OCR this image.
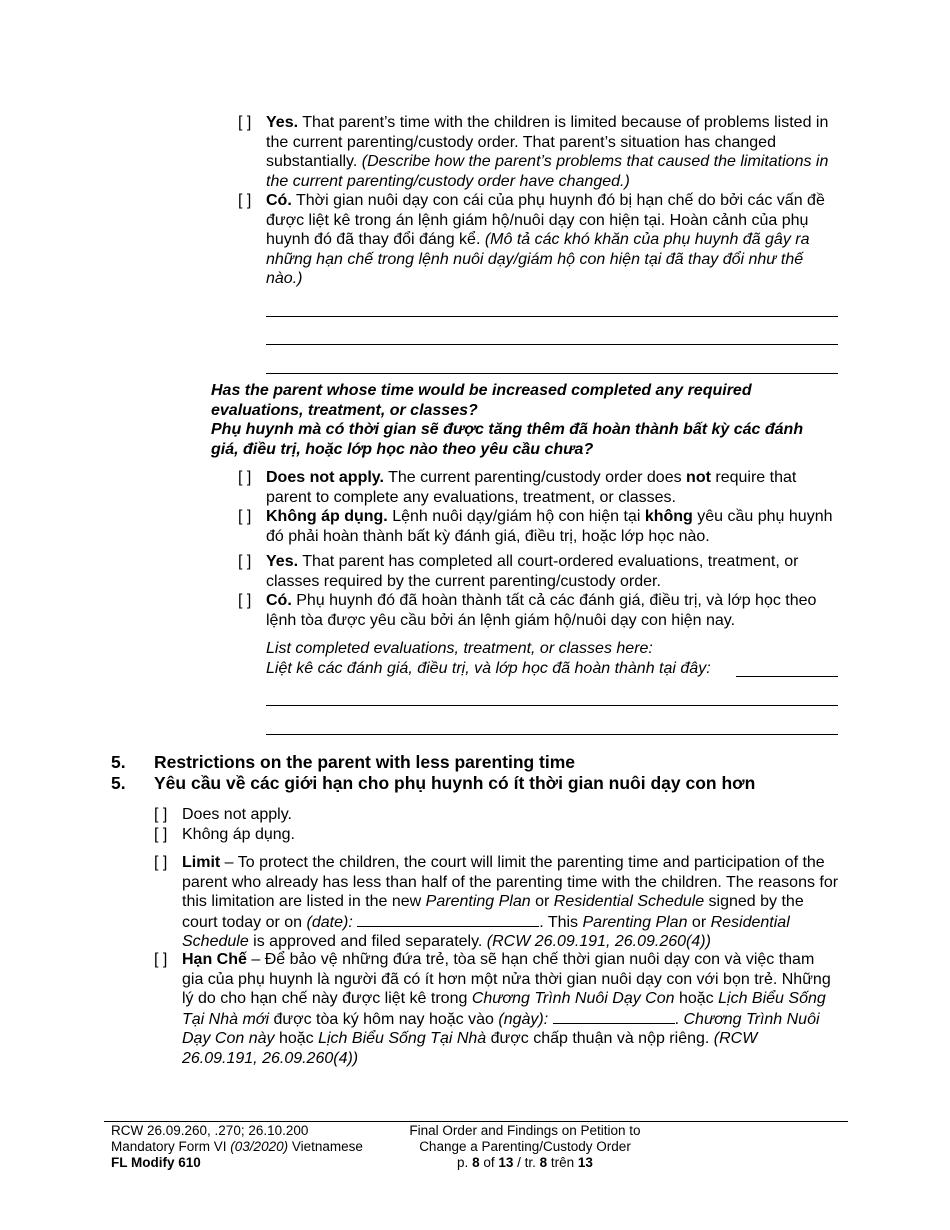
[ ] Yes. That parent’s time with the children is limited because of problems listed in the current parenting/custody order. That parent’s situation has changed substantially. (Describe how the parent’s problems that caused the limitations in the current parenting/custody order have changed.)
[ ] Có. Thời gian nuôi dạy con cái của phụ huynh đó bị hạn chế do bởi các vấn đề được liệt kê trong án lệnh giám hộ/nuôi dạy con hiện tại. Hoàn cảnh của phụ huynh đó đã thay đổi đáng kể. (Mô tả các khó khăn của phụ huynh đã gây ra những hạn chế trong lệnh nuôi dạy/giám hộ con hiện tại đã thay đổi như thế nào.)
Has the parent whose time would be increased completed any required evaluations, treatment, or classes?
Phụ huynh mà có thời gian sẽ được tăng thêm đã hoàn thành bất kỳ các đánh giá, điều trị, hoặc lớp học nào theo yêu cầu chưa?
[ ] Does not apply. The current parenting/custody order does not require that parent to complete any evaluations, treatment, or classes.
[ ] Không áp dụng. Lệnh nuôi dạy/giám hộ con hiện tại không yêu cầu phụ huynh đó phải hoàn thành bất kỳ đánh giá, điều trị, hoặc lớp học nào.
[ ] Yes. That parent has completed all court-ordered evaluations, treatment, or classes required by the current parenting/custody order.
[ ] Có. Phụ huynh đó đã hoàn thành tất cả các đánh giá, điều trị, và lớp học theo lệnh tòa được yêu cầu bởi án lệnh giám hộ/nuôi dạy con hiện nay.
List completed evaluations, treatment, or classes here:
Liệt kê các đánh giá, điều trị, và lớp học đã hoàn thành tại đây:
5. Restrictions on the parent with less parenting time
5. Yêu cầu về các giới hạn cho phụ huynh có ít thời gian nuôi dạy con hơn
[ ] Does not apply.
[ ] Không áp dụng.
[ ] Limit – To protect the children, the court will limit the parenting time and participation of the parent who already has less than half of the parenting time with the children. The reasons for this limitation are listed in the new Parenting Plan or Residential Schedule signed by the court today or on (date):	. This Parenting Plan or Residential Schedule is approved and filed separately. (RCW 26.09.191, 26.09.260(4))
[ ] Hạn Chế – Để bảo vệ những đứa trẻ, tòa sẽ hạn chế thời gian nuôi dạy con và việc tham gia của phụ huynh là người đã có ít hơn một nửa thời gian nuôi dạy con với bọn trẻ. Những lý do cho hạn chế này được liệt kê trong Chương Trình Nuôi Dạy Con hoặc Lịch Biểu Sống Tại Nhà mới được tòa ký hôm nay hoặc vào (ngày):	. Chương Trình Nuôi Dạy Con này hoặc Lịch Biểu Sống Tại Nhà được chấp thuận và nộp riêng. (RCW 26.09.191, 26.09.260(4))
RCW 26.09.260, .270; 26.10.200
Mandatory Form VI (03/2020) Vietnamese
FL Modify 610
Final Order and Findings on Petition to
Change a Parenting/Custody Order
p. 8 of 13 / tr. 8 trên 13
